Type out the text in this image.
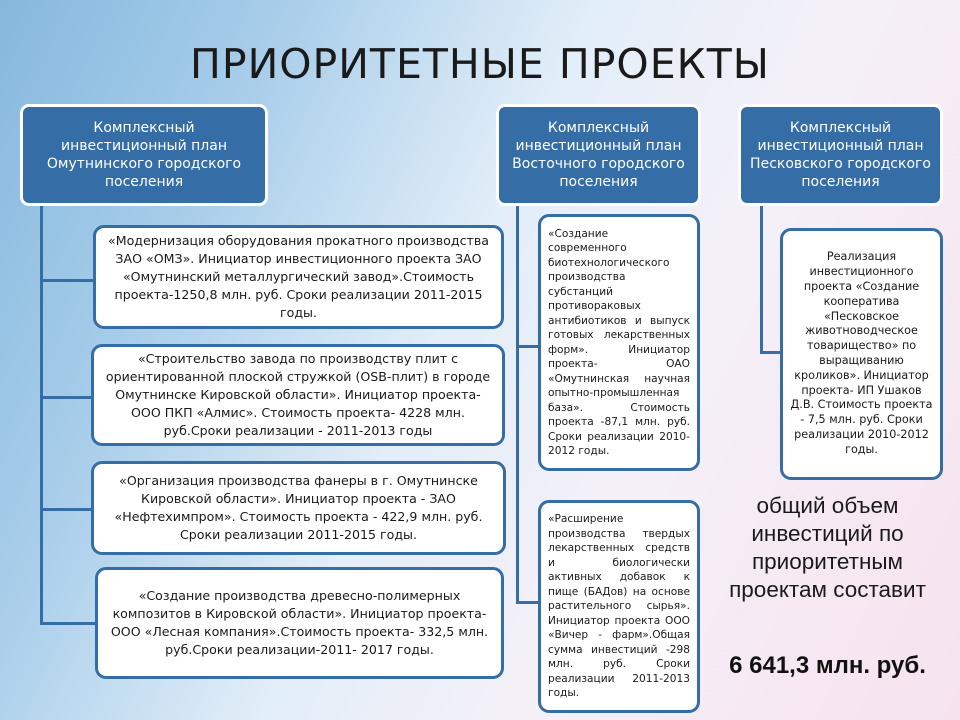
ПРИОРИТЕТНЫЕ ПРОЕКТЫ
Комплексный инвестиционный план Омутнинского городского поселения
«Модернизация оборудования прокатного производства ЗАО «ОМЗ». Инициатор инвестиционного проекта ЗАО «Омутнинский металлургический завод».Стоимость проекта-1250,8 млн. руб. Сроки реализации 2011-2015 годы.
«Строительство завода по производству плит с ориентированной плоской стружкой (OSB-плит) в городе Омутнинске Кировской области». Инициатор проекта-ООО ПКП «Алмис». Стоимость проекта- 4228 млн. руб.Сроки реализации - 2011-2013 годы
«Организация производства фанеры в г. Омутнинске Кировской области». Инициатор проекта - ЗАО «Нефтехимпром». Стоимость проекта - 422,9 млн. руб. Сроки реализации 2011-2015 годы.
«Создание производства древесно-полимерных композитов в Кировской области». Инициатор проекта-ООО «Лесная компания».Стоимость проекта- 332,5 млн. руб.Сроки реализации-2011- 2017 годы.
Комплексный инвестиционный план Восточного городского поселения
«Создание современного биотехнологического производства субстанций противораковых антибиотиков и выпуск готовых лекарственных форм». Инициатор проекта- ОАО «Омутнинская научная опытно-промышленная база». Стоимость проекта -87,1 млн. руб. Сроки реализации 2010-2012 годы.
«Расширение производства твердых лекарственных средств и биологически активных добавок к пище (БАДов) на основе растительного сырья». Инициатор проекта ООО «Вичер - фарм».Общая сумма инвестиций -298 млн. руб. Сроки реализации 2011-2013 годы.
Комплексный инвестиционный план Песковского городского поселения
Реализация инвестиционного проекта «Создание кооператива «Песковское животноводческое товарищество» по выращиванию кроликов». Инициатор проекта- ИП Ушаков Д.В. Стоимость проекта - 7,5 млн. руб. Сроки реализации 2010-2012 годы.
общий объем инвестиций по приоритетным проектам составит
6 641,3 млн. руб.
